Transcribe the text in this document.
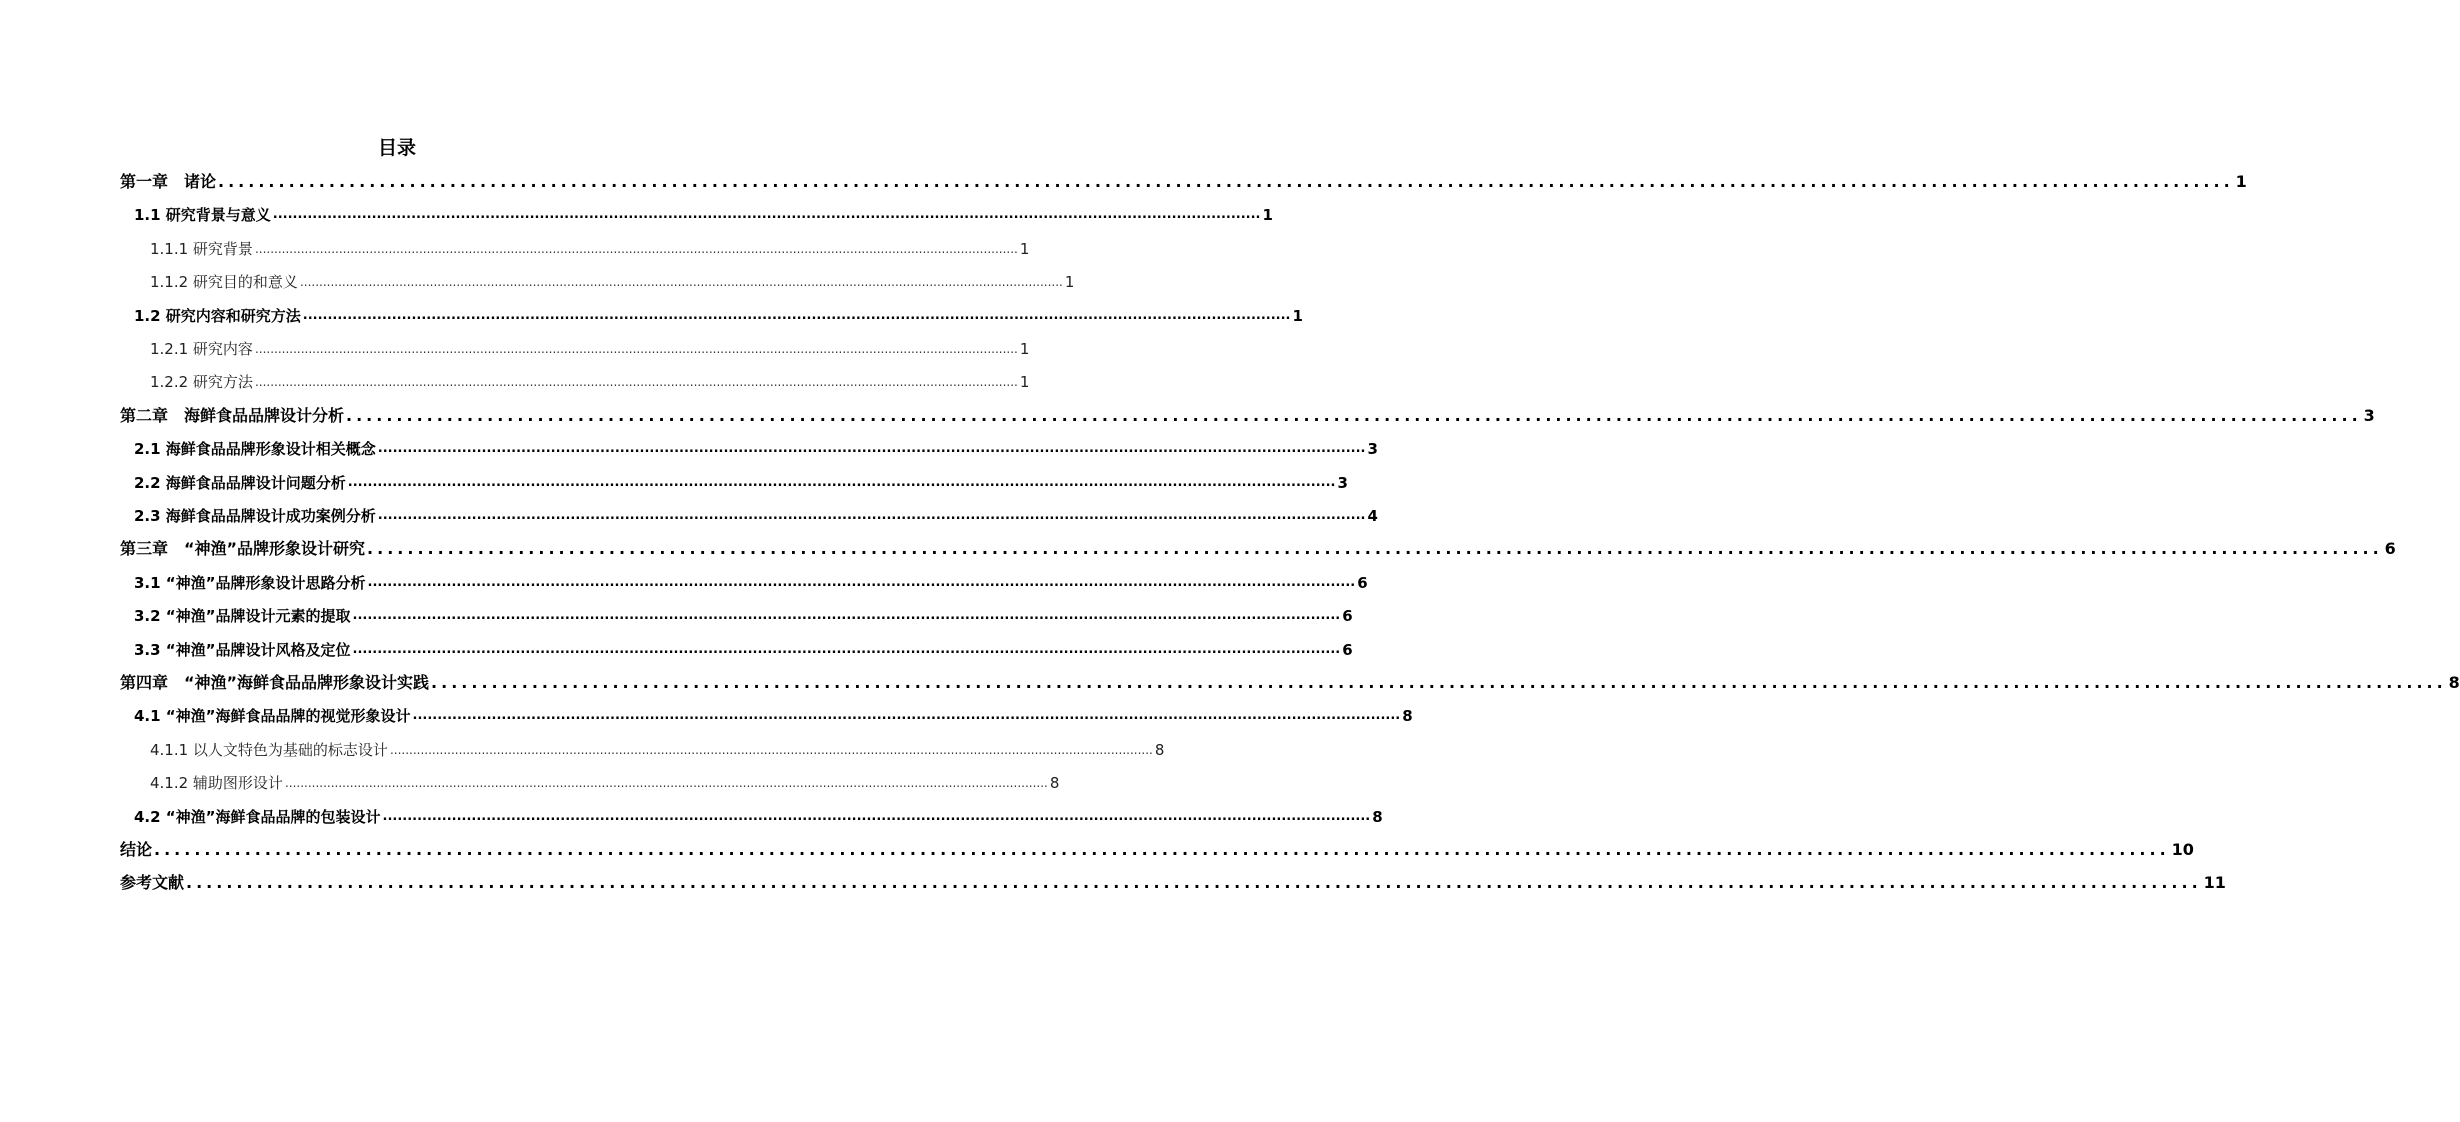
目录
第一章　诸论 ........................................................................................................................................................................................................ 1
1.1 研究背景与意义 ........................................................................................................................................................................................................ 1
1.1.1 研究背景 ........................................................................................................................................................................................................ 1
1.1.2 研究目的和意义 ........................................................................................................................................................................................................ 1
1.2 研究内容和研究方法 ........................................................................................................................................................................................................ 1
1.2.1 研究内容 ........................................................................................................................................................................................................ 1
1.2.2 研究方法 ........................................................................................................................................................................................................ 1
第二章　海鲜食品品牌设计分析 ........................................................................................................................................................................................................ 3
2.1 海鲜食品品牌形象设计相关概念 ........................................................................................................................................................................................................ 3
2.2 海鲜食品品牌设计问题分析 ........................................................................................................................................................................................................ 3
2.3 海鲜食品品牌设计成功案例分析 ........................................................................................................................................................................................................ 4
第三章　“神渔”品牌形象设计研究 ........................................................................................................................................................................................................ 6
3.1 “神渔”品牌形象设计思路分析 ........................................................................................................................................................................................................ 6
3.2 “神渔”品牌设计元素的提取 ........................................................................................................................................................................................................ 6
3.3 “神渔”品牌设计风格及定位 ........................................................................................................................................................................................................ 6
第四章　“神渔”海鲜食品品牌形象设计实践 ........................................................................................................................................................................................................ 8
4.1 “神渔”海鲜食品品牌的视觉形象设计 ........................................................................................................................................................................................................ 8
4.1.1 以人文特色为基础的标志设计 ........................................................................................................................................................................................................ 8
4.1.2 辅助图形设计 ........................................................................................................................................................................................................ 8
4.2 “神渔”海鲜食品品牌的包装设计 ........................................................................................................................................................................................................ 8
结论 ........................................................................................................................................................................................................ 10
参考文献 ........................................................................................................................................................................................................ 11
